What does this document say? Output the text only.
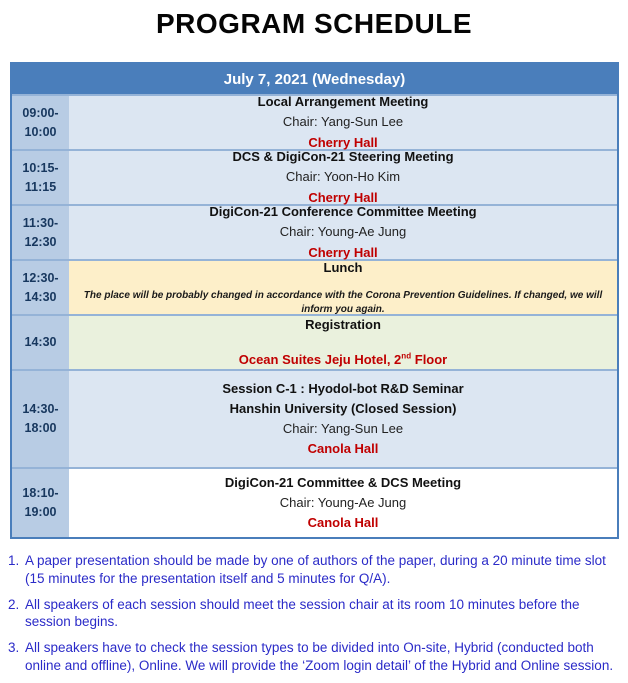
PROGRAM SCHEDULE
July 7, 2021 (Wednesday)
09:00-
10:00
Local Arrangement Meeting
Chair: Yang-Sun Lee
Cherry Hall
10:15-
11:15
DCS & DigiCon-21 Steering Meeting
Chair: Yoon-Ho Kim
Cherry Hall
11:30-
12:30
DigiCon-21 Conference Committee Meeting
Chair: Young-Ae Jung
Cherry Hall
12:30-
14:30
Lunch
The place will be probably changed in accordance with the Corona Prevention Guidelines. If changed, we will inform you again.
14:30
Registration
Ocean Suites Jeju Hotel, 2nd Floor
14:30-
18:00
Session C-1 : Hyodol-bot R&D Seminar
Hanshin University (Closed Session)
Chair: Yang-Sun Lee
Canola Hall
18:10-
19:00
DigiCon-21 Committee & DCS Meeting
Chair: Young-Ae Jung
Canola Hall
1. A paper presentation should be made by one of authors of the paper, during a 20 minute time slot (15 minutes for the presentation itself and 5 minutes for Q/A).
2. All speakers of each session should meet the session chair at its room 10 minutes before the session begins.
3. All speakers have to check the session types to be divided into On-site, Hybrid (conducted both online and offline), Online. We will provide the ‘Zoom login detail’ of the Hybrid and Online session.
